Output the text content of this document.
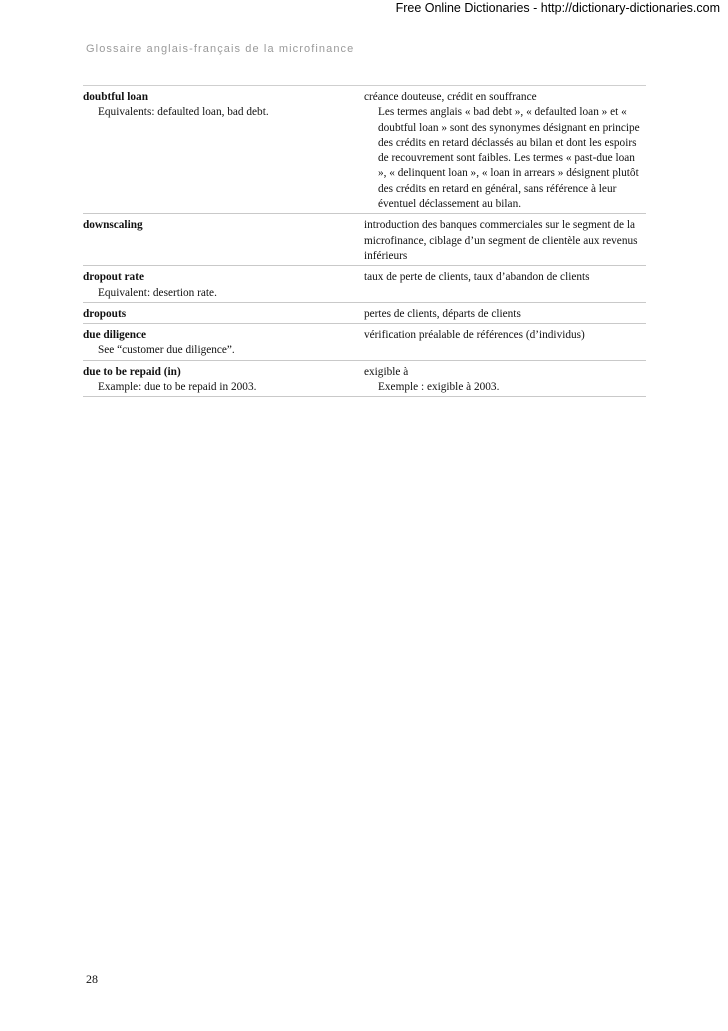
Free Online Dictionaries - http://dictionary-dictionaries.com
Glossaire anglais-français de la microfinance
doubtful loan
Equivalents: defaulted loan, bad debt.
créance douteuse, crédit en souffrance
Les termes anglais « bad debt », « defaulted loan » et « doubtful loan » sont des synonymes désignant en principe des crédits en retard déclassés au bilan et dont les espoirs de recouvrement sont faibles. Les termes « past-due loan », « delinquent loan », « loan in arrears » désignent plutôt des crédits en retard en général, sans référence à leur éventuel déclassement au bilan.
downscaling	introduction des banques commerciales sur le segment de la microfinance, ciblage d’un segment de clientèle aux revenus inférieurs
dropout rate
Equivalent: desertion rate.
taux de perte de clients, taux d’abandon de clients
dropouts	pertes de clients, départs de clients
due diligence
See “customer due diligence”.
vérification préalable de références (d’individus)
due to be repaid (in)
Example: due to be repaid in 2003.
exigible à
Exemple : exigible à 2003.
28
